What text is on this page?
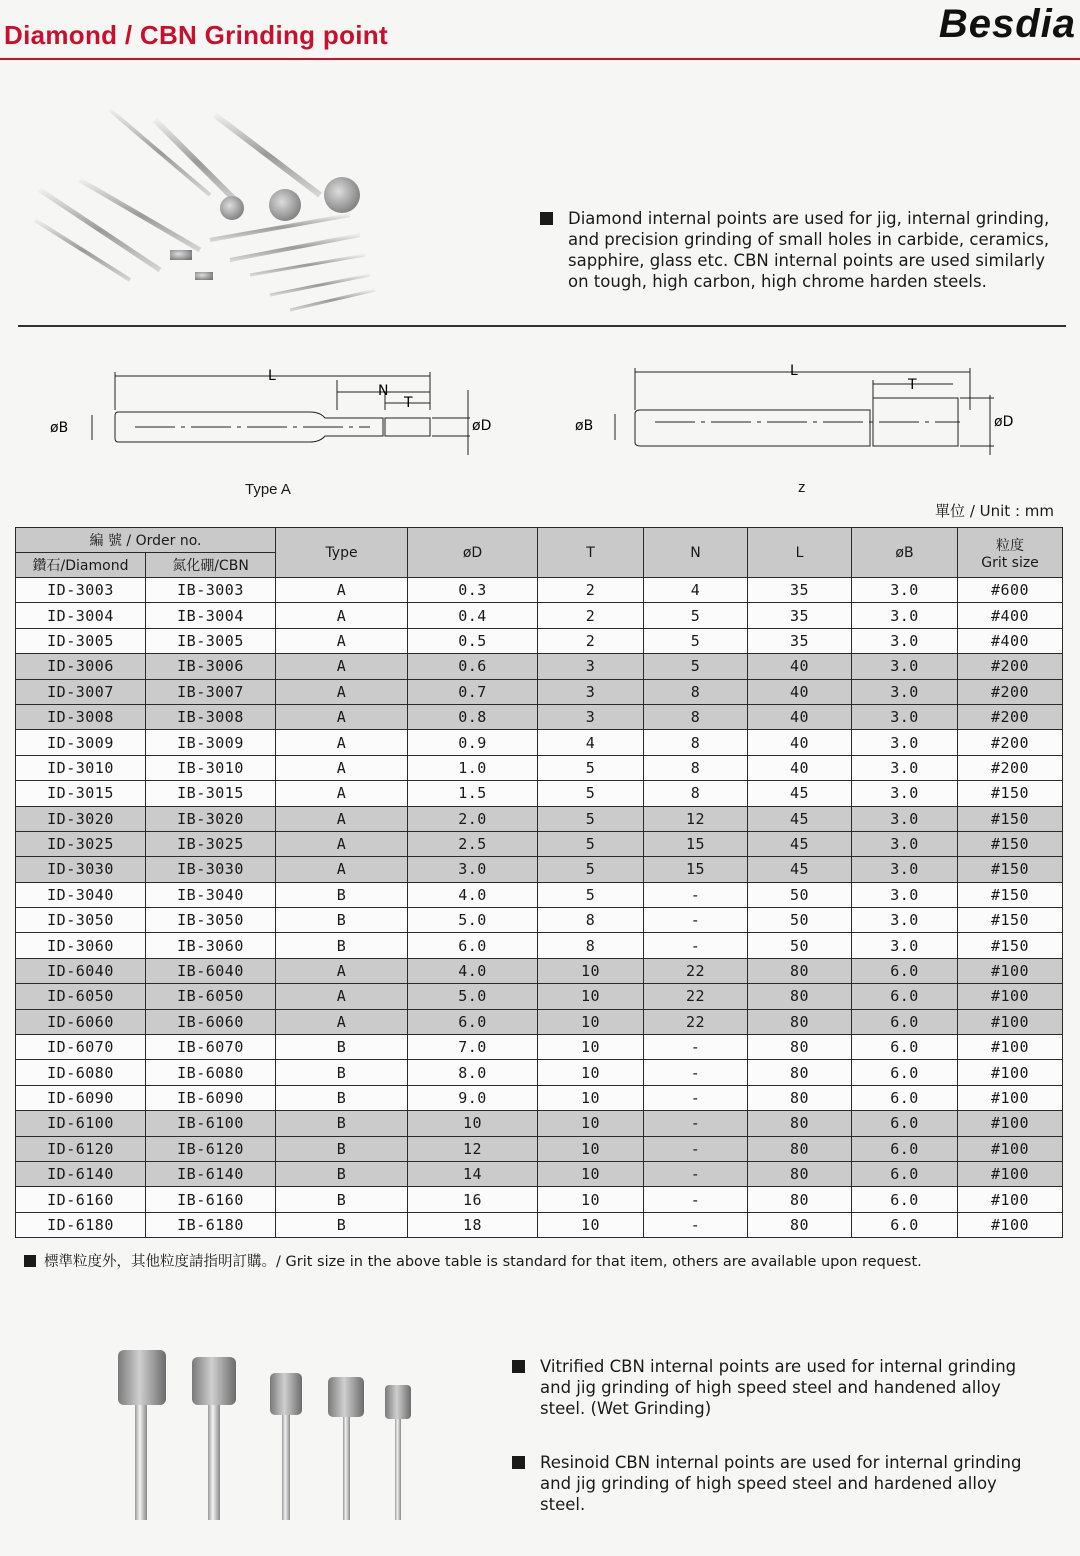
Diamond / CBN Grinding point	Besdia

Diamond internal points are used for jig, internal grinding, and precision grinding of small holes in carbide, ceramics, sapphire, glass etc. CBN internal points are used similarly on tough, high carbon, high chrome harden steels.

øB
L
N
T
øD
Type A
øB
L
T
øD
z
單位 / Unit : mm
編 號 / Order no.		Type	øD	T	N	L	øB	粒度
Grit size

鑽石/Diamond	氮化硼/CBN							
ID-3003	IB-3003	A	0.3	2	4	35	3.0	#600
ID-3004	IB-3004	A	0.4	2	5	35	3.0	#400
ID-3005	IB-3005	A	0.5	2	5	35	3.0	#400
ID-3006	IB-3006	A	0.6	3	5	40	3.0	#200
ID-3007	IB-3007	A	0.7	3	8	40	3.0	#200
ID-3008	IB-3008	A	0.8	3	8	40	3.0	#200
ID-3009	IB-3009	A	0.9	4	8	40	3.0	#200
ID-3010	IB-3010	A	1.0	5	8	40	3.0	#200
ID-3015	IB-3015	A	1.5	5	8	45	3.0	#150
ID-3020	IB-3020	A	2.0	5	12	45	3.0	#150
ID-3025	IB-3025	A	2.5	5	15	45	3.0	#150
ID-3030	IB-3030	A	3.0	5	15	45	3.0	#150
ID-3040	IB-3040	B	4.0	5	-	50	3.0	#150
ID-3050	IB-3050	B	5.0	8	-	50	3.0	#150
ID-3060	IB-3060	B	6.0	8	-	50	3.0	#150
ID-6040	IB-6040	A	4.0	10	22	80	6.0	#100
ID-6050	IB-6050	A	5.0	10	22	80	6.0	#100
ID-6060	IB-6060	A	6.0	10	22	80	6.0	#100
ID-6070	IB-6070	B	7.0	10	-	80	6.0	#100
ID-6080	IB-6080	B	8.0	10	-	80	6.0	#100
ID-6090	IB-6090	B	9.0	10	-	80	6.0	#100
ID-6100	IB-6100	B	10	10	-	80	6.0	#100
ID-6120	IB-6120	B	12	10	-	80	6.0	#100
ID-6140	IB-6140	B	14	10	-	80	6.0	#100
ID-6160	IB-6160	B	16	10	-	80	6.0	#100
ID-6180	IB-6180	B	18	10	-	80	6.0	#100
標準粒度外，其他粒度請指明訂購。/ Grit size in the above table is standard for that item, others are available upon request.

Vitrified CBN internal points are used for internal grinding and jig grinding of high speed steel and handened alloy steel. (Wet Grinding)

Resinoid CBN internal points are used for internal grinding and jig grinding of high speed steel and hardened alloy steel.
